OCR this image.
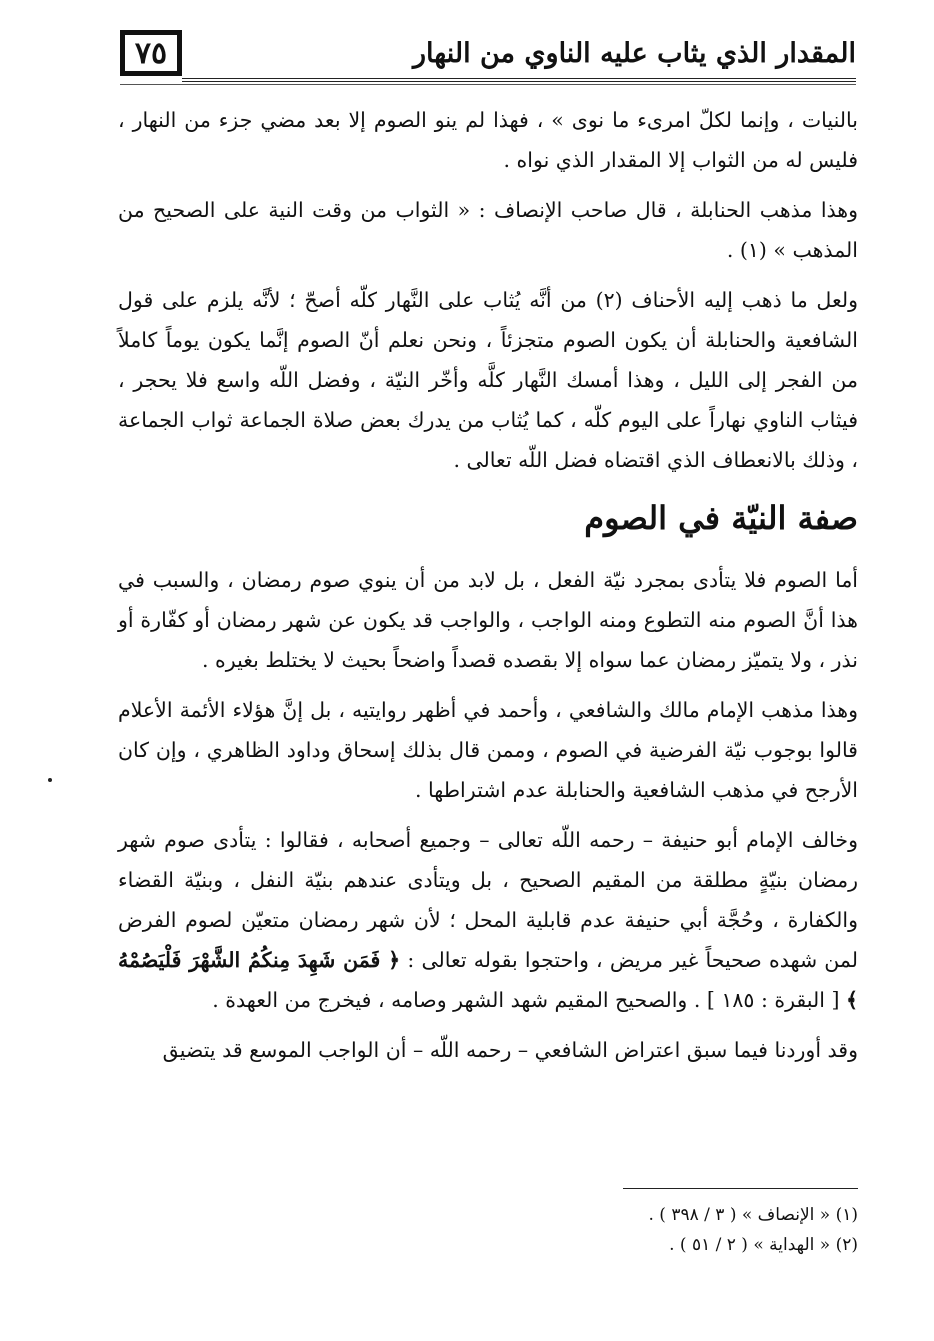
٧٥	المقدار الذي يثاب عليه الناوي من النهار

بالنيات ، وإنما لكلّ امرىء ما نوى » ، فهذا لم ينو الصوم إلا بعد مضي جزء من النهار ، فليس له من الثواب إلا المقدار الذي نواه .

وهذا مذهب الحنابلة ، قال صاحب الإنصاف : « الثواب من وقت النية على الصحيح من المذهب » (١) .

ولعل ما ذهب إليه الأحناف (٢) من أنَّه يُثاب على النَّهار كلّه أصحّ ؛ لأنَّه يلزم على قول الشافعية والحنابلة أن يكون الصوم متجزئاً ، ونحن نعلم أنّ الصوم إنَّما يكون يوماً كاملاً من الفجر إلى الليل ، وهذا أمسك النَّهار كلَّه وأخّر النيّة ، وفضل اللّه واسع فلا يحجر ، فيثاب الناوي نهاراً على اليوم كلّه ، كما يُثاب من يدرك بعض صلاة الجماعة ثواب الجماعة ، وذلك بالانعطاف الذي اقتضاه فضل اللّه تعالى .

صفة النيّة في الصوم

أما الصوم فلا يتأدى بمجرد نيّة الفعل ، بل لابد من أن ينوي صوم رمضان ، والسبب في هذا أنَّ الصوم منه التطوع ومنه الواجب ، والواجب قد يكون عن شهر رمضان أو كفّارة أو نذر ، ولا يتميّز رمضان عما سواه إلا بقصده قصداً واضحاً بحيث لا يختلط بغيره .

وهذا مذهب الإمام مالك والشافعي ، وأحمد في أظهر روايتيه ، بل إنَّ هؤلاء الأئمة الأعلام قالوا بوجوب نيّة الفرضية في الصوم ، وممن قال بذلك إسحاق وداود الظاهري ، وإن كان الأرجح في مذهب الشافعية والحنابلة عدم اشتراطها .

وخالف الإمام أبو حنيفة – رحمه اللّه تعالى – وجميع أصحابه ، فقالوا : يتأدى صوم شهر رمضان بنيّةٍ مطلقة من المقيم الصحيح ، بل ويتأدى عندهم بنيّة النفل ، وبنيّة القضاء والكفارة ، وحُجَّة أبي حنيفة عدم قابلية المحل ؛ لأن شهر رمضان متعيّن لصوم الفرض لمن شهده صحيحاً غير مريض ، واحتجوا بقوله تعالى : ﴿ فَمَن شَهِدَ مِنكُمُ الشَّهْرَ فَلْيَصُمْهُ ﴾ [ البقرة : ١٨٥ ] . والصحيح المقيم شهد الشهر وصامه ، فيخرج من العهدة .

وقد أوردنا فيما سبق اعتراض الشافعي – رحمه اللّه – أن الواجب الموسع قد يتضيق

(١) « الإنصاف » ( ٣ / ٣٩٨ ) .

(٢) « الهداية » ( ٢ / ٥١ ) .
